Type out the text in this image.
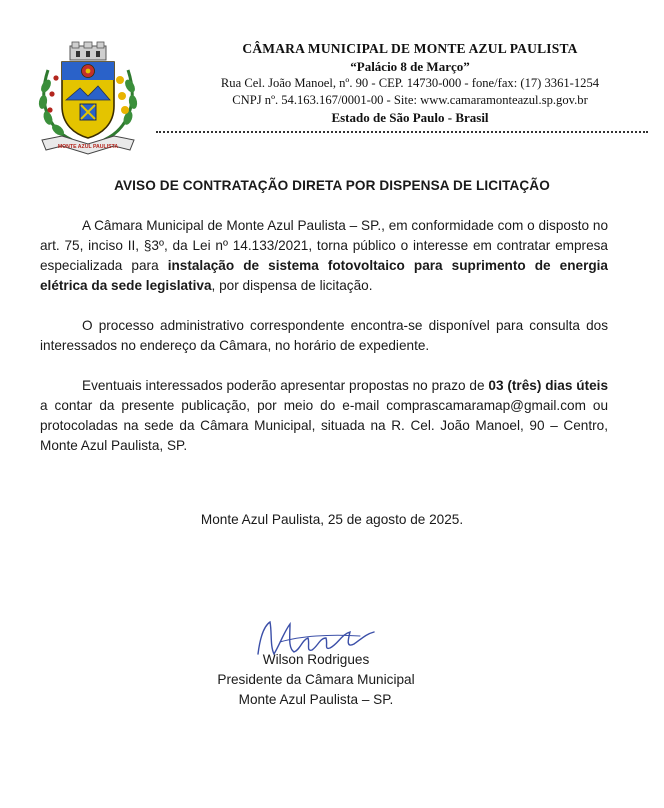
MONTE AZUL PAULISTA
CÂMARA MUNICIPAL DE MONTE AZUL PAULISTA
“Palácio 8 de Março”
Rua Cel. João Manoel, nº. 90 - CEP. 14730-000 - fone/fax: (17) 3361-1254
CNPJ nº. 54.163.167/0001-00 - Site: www.camaramonteazul.sp.gov.br
Estado de São Paulo - Brasil
AVISO DE CONTRATAÇÃO DIRETA POR DISPENSA DE LICITAÇÃO

A Câmara Municipal de Monte Azul Paulista – SP., em conformidade com o disposto no art. 75, inciso II, §3º, da Lei nº 14.133/2021, torna público o interesse em contratar empresa especializada para instalação de sistema fotovoltaico para suprimento de energia elétrica da sede legislativa, por dispensa de licitação.

O processo administrativo correspondente encontra-se disponível para consulta dos interessados no endereço da Câmara, no horário de expediente.

Eventuais interessados poderão apresentar propostas no prazo de 03 (três) dias úteis a contar da presente publicação, por meio do e-mail comprascamaramap@gmail.com ou protocoladas na sede da Câmara Municipal, situada na R. Cel. João Manoel, 90 – Centro, Monte Azul Paulista, SP.

Monte Azul Paulista, 25 de agosto de 2025.
Wilson Rodrigues
Presidente da Câmara Municipal
Monte Azul Paulista – SP.
